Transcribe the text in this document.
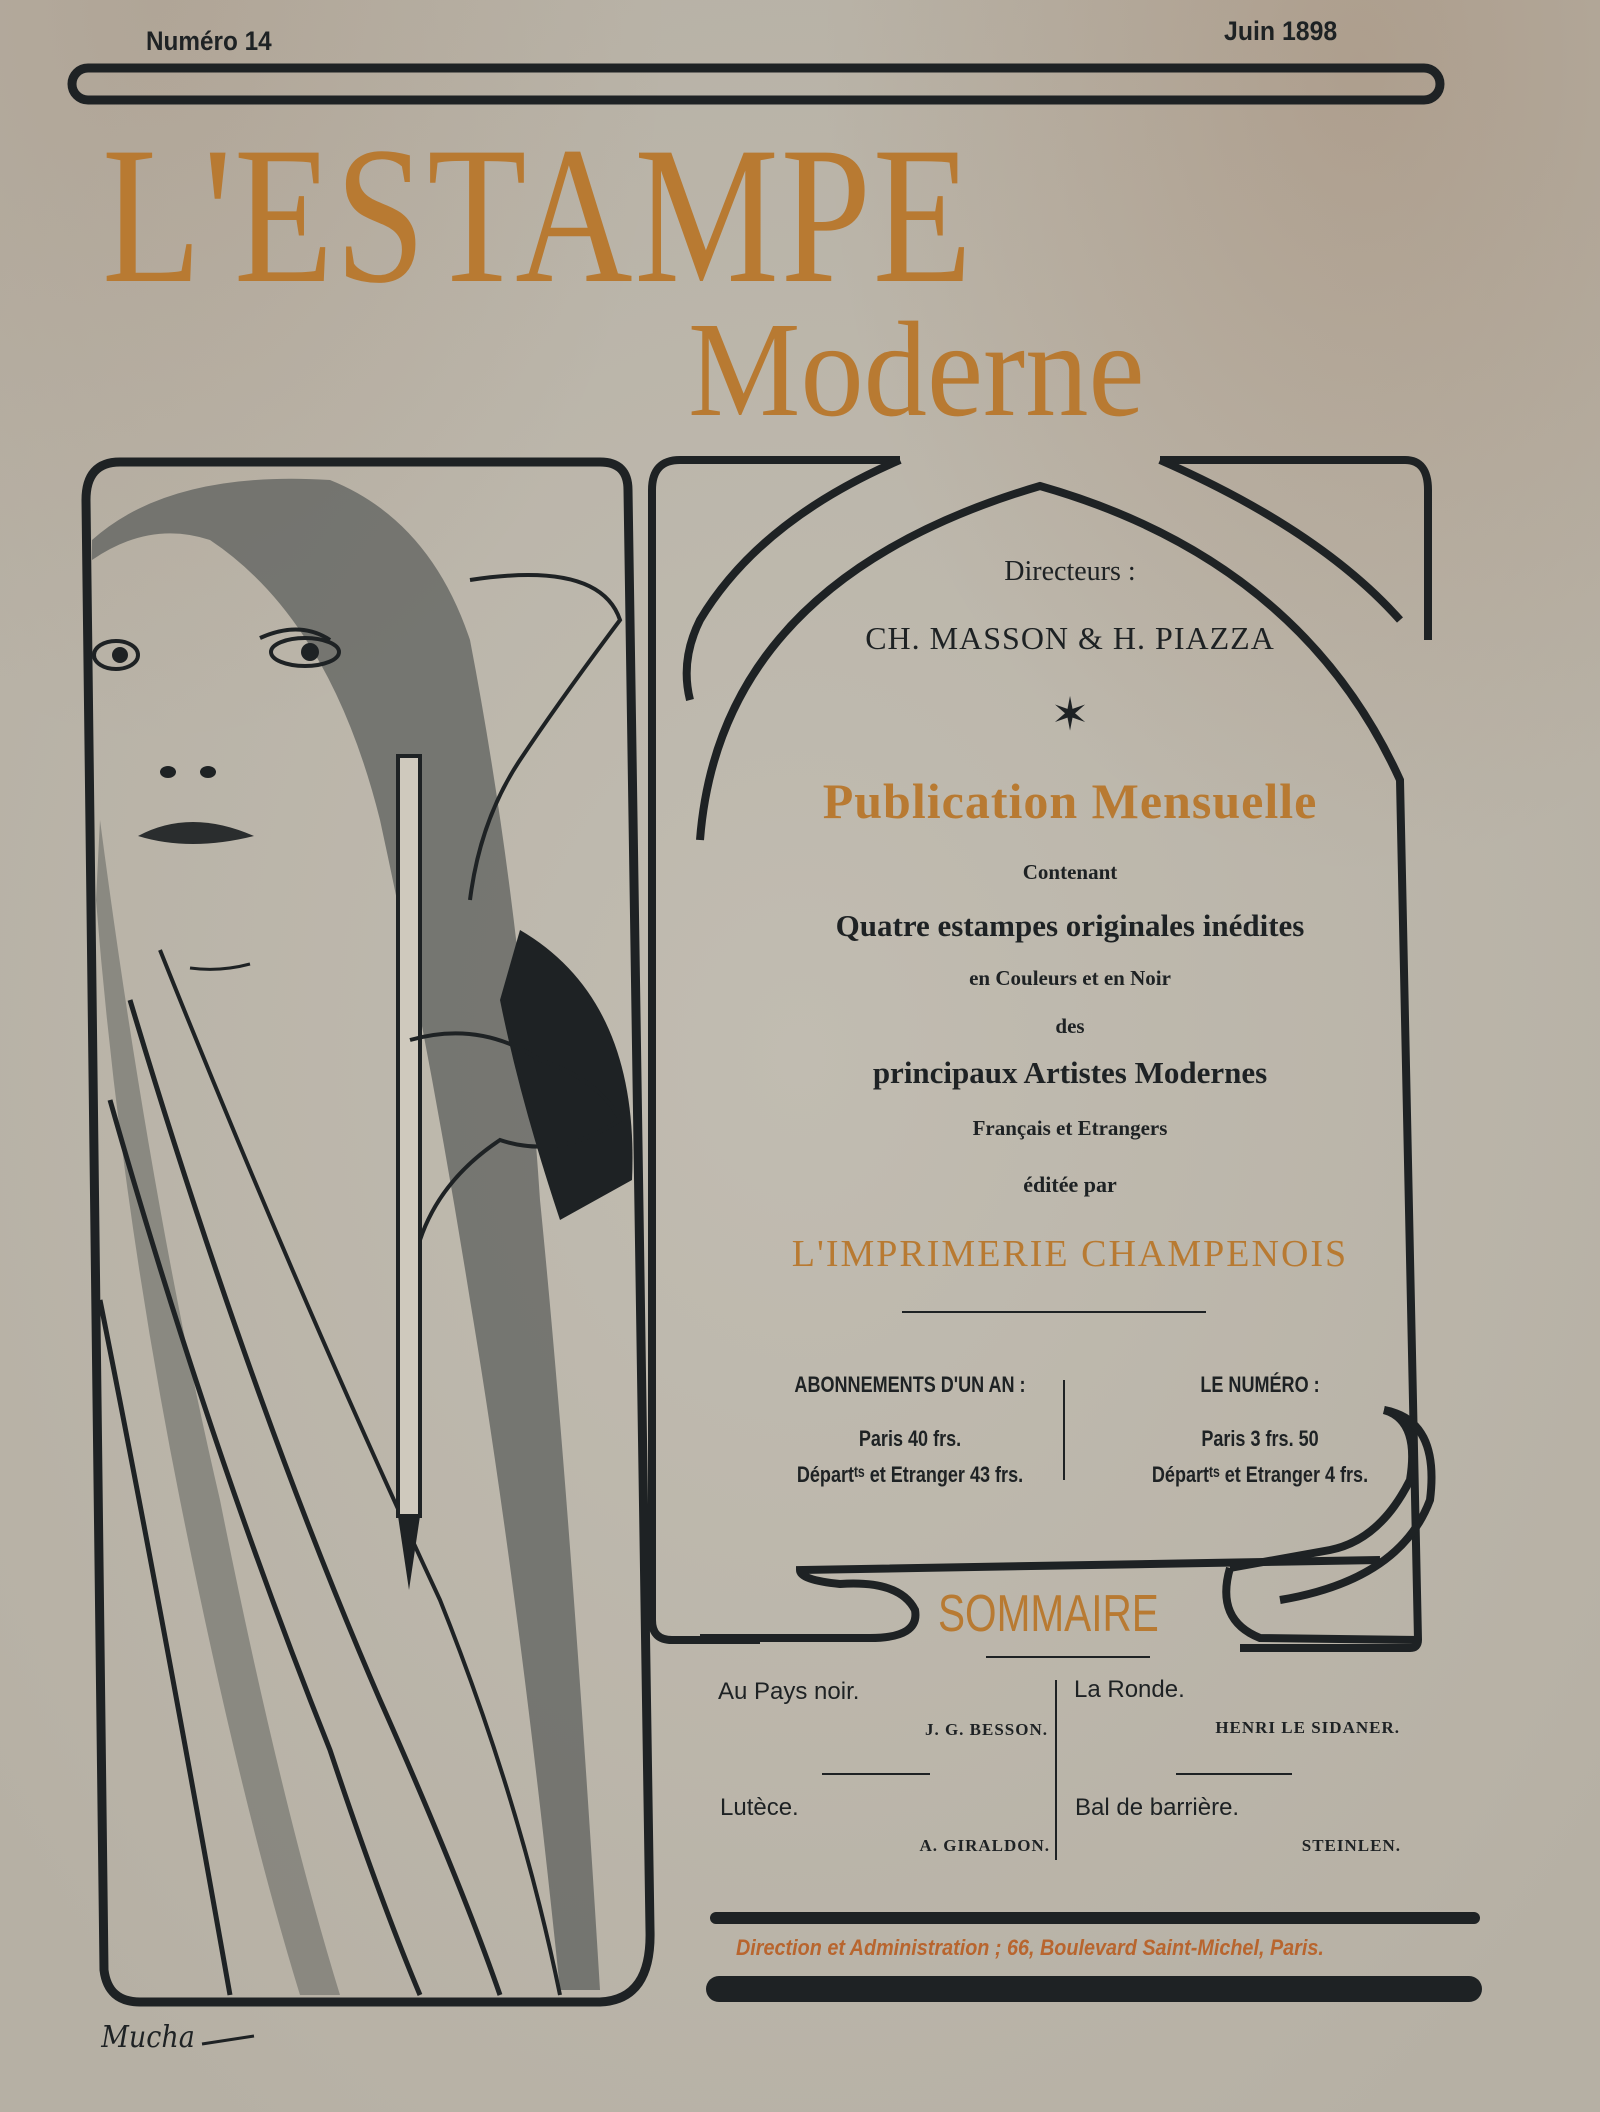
Numéro 14	Juin 1898
L'ESTAMPE
Moderne
Directeurs :
CH. MASSON & H. PIAZZA
✶
Publication Mensuelle
Contenant
Quatre estampes originales inédites
en Couleurs et en Noir
des
principaux Artistes Modernes
Français et Etrangers
éditée par
L'IMPRIMERIE CHAMPENOIS
ABONNEMENTS D'UN AN :
Paris 40 frs.
Départᵗˢ et Etranger 43 frs.
LE NUMÉRO :
Paris 3 frs. 50
Départᵗˢ et Etranger 4 frs.
SOMMAIRE
Au Pays noir.
J. G. BESSON.
La Ronde.
HENRI LE SIDANER.
Lutèce.
A. GIRALDON.
Bal de barrière.
STEINLEN.
Direction et Administration ; 66, Boulevard Saint-Michel, Paris.
Mucha
